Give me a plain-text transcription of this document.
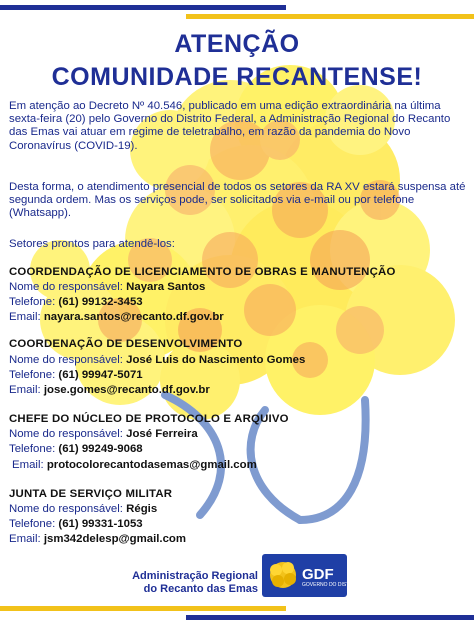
ATENÇÃO
COMUNIDADE RECANTENSE!
Em atenção ao Decreto Nº 40.546, publicado em uma edição extraordinária na última sexta-feira (20) pelo Governo do Distrito Federal, a Administração Regional do Recanto das Emas vai atuar em regime de teletrabalho, em razão da pandemia do Novo Coronavírus (COVID-19).
Desta forma, o atendimento presencial de todos os setores da RA XV estará suspensa até segunda ordem. Mas os serviços pode, ser solicitados via e-mail ou por telefone (Whatsapp).
Setores prontos para atendê-los:
COORDENDAÇÃO DE LICENCIAMENTO DE OBRAS E MANUTENÇÃO
Nome do responsável: Nayara Santos
Telefone: (61) 99132-3453
Email: nayara.santos@recanto.df.gov.br
COORDENAÇÃO DE DESENVOLVIMENTO
Nome do responsável: José Luis do Nascimento Gomes
Telefone: (61) 99947-5071
Email: jose.gomes@recanto.df.gov.br
CHEFE DO NÚCLEO DE PROTOCOLO E ARQUIVO
Nome do responsável: José Ferreira
Telefone: (61) 99249-9068
Email: protocolorecantodasemas@gmail.com
JUNTA DE SERVIÇO MILITAR
Nome do responsável: Régis
Telefone: (61) 99331-1053
Email: jsm342delesp@gmail.com
Administração Regional
do Recanto das Emas
GDF
GOVERNO DO DISTRITO FEDERAL
